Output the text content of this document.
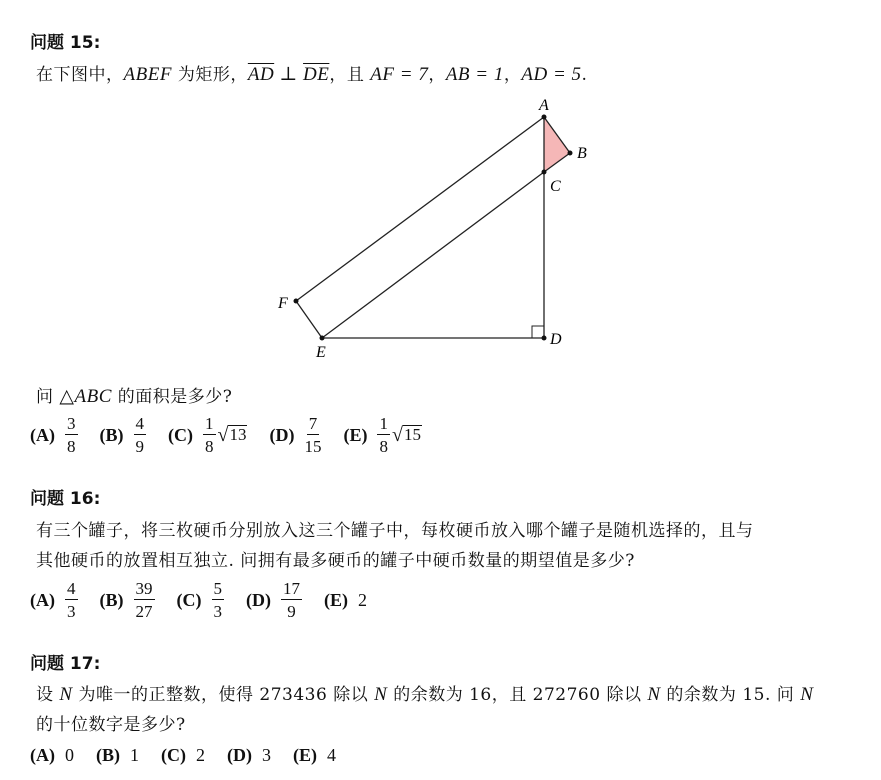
问题 15:
在下图中，ABEF 为矩形，$\overline{AD}$ ⊥ $\overline{DE}$，且 AF = 7，AB = 1，AD = 5.
A
B
C
D
E
F
问 △ABC 的面积是多少?
$(A) \frac{3}{8} (B) \frac{4}{9} (C) \frac{1}{8}$ √ 13 $(D) \frac{7}{15} (E) \frac{1}{8}$ √ 15
问题 16:
有三个罐子，将三枚硬币分别放入这三个罐子中，每枚硬币放入哪个罐子是随机选择的，且与
其他硬币的放置相互独立. 问拥有最多硬币的罐子中硬币数量的期望值是多少?
$(A) \frac{4}{3} (B) \frac{39}{27} (C) \frac{5}{3} (D) \frac{17}{9} (E)$ 2
问题 17:
设 N 为唯一的正整数，使得 273436 除以 N 的余数为 16，且 272760 除以 N 的余数为 15. 问 N
的十位数字是多少?
(A) 0 (B) 1 (C) 2 (D) 3 (E) 4
